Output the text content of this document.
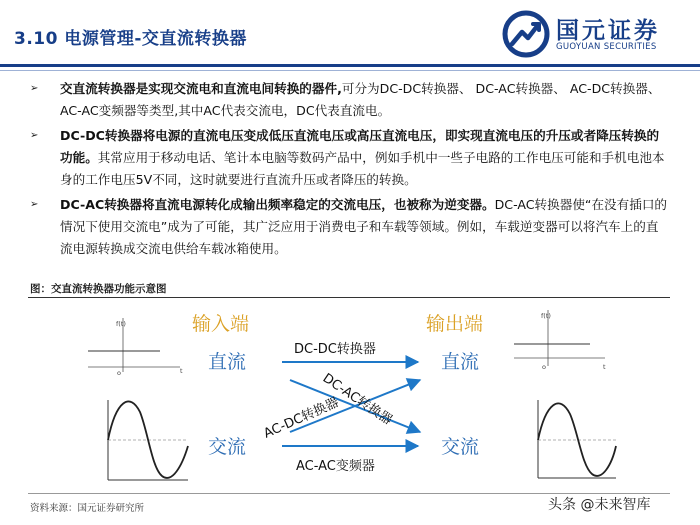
3.10 电源管理-交直流转换器	国元证券
GUOYUAN SECURITIES
➢ 交直流转换器是实现交流电和直流电间转换的器件,可分为DC-DC转换器、 DC-AC转换器、 AC-DC转换器、AC-AC变频器等类型,其中AC代表交流电，DC代表直流电。
➢ DC-DC转换器将电源的直流电压变成低压直流电压或高压直流电压，即实现直流电压的升压或者降压转换的功能。其常应用于移动电话、笔计本电脑等数码产品中，例如手机中一些子电路的工作电压可能和手机电池本身的工作电压5V不同，这时就要进行直流升压或者降压的转换。
➢ DC-AC转换器将直流电源转化成输出频率稳定的交流电压，也被称为逆变器。DC-AC转换器使“在没有插口的情况下使用交流电”成为了可能，其广泛应用于消费电子和车载等领域。例如，车载逆变器可以将汽车上的直流电源转换成交流电供给车载冰箱使用。
图：交直流转换器功能示意图
f(t)
t
o
f(t)
t
o
输入端	输出端
直流	直流
交流	交流
DC-DC转换器
AC-AC变频器
DC-AC转换器
AC-DC转换器
资料来源：国元证券研究所	头条 @未来智库
